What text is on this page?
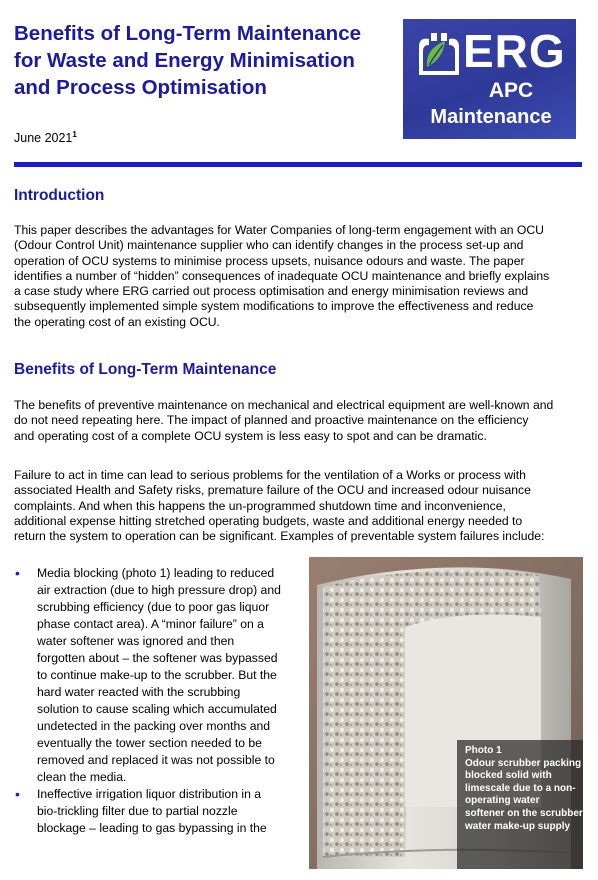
Benefits of Long-Term Maintenance
for Waste and Energy Minimisation
and Process Optimisation
June 2021$^1$
ERG
APC
Maintenance
Introduction

This paper describes the advantages for Water Companies of long-term engagement with an OCU
(Odour Control Unit) maintenance supplier who can identify changes in the process set-up and
operation of OCU systems to minimise process upsets, nuisance odours and waste. The paper
identifies a number of “hidden” consequences of inadequate OCU maintenance and briefly explains
a case study where ERG carried out process optimisation and energy minimisation reviews and
subsequently implemented simple system modifications to improve the effectiveness and reduce
the operating cost of an existing OCU.

Benefits of Long-Term Maintenance

The benefits of preventive maintenance on mechanical and electrical equipment are well-known and
do not need repeating here. The impact of planned and proactive maintenance on the efficiency
and operating cost of a complete OCU system is less easy to spot and can be dramatic.

Failure to act in time can lead to serious problems for the ventilation of a Works or process with
associated Health and Safety risks, premature failure of the OCU and increased odour nuisance
complaints. And when this happens the un-programmed shutdown time and inconvenience,
additional expense hitting stretched operating budgets, waste and additional energy needed to
return the system to operation can be significant. Examples of preventable system failures include:

• Media blocking (photo 1) leading to reduced
air extraction (due to high pressure drop) and
scrubbing efficiency (due to poor gas liquor
phase contact area). A “minor failure” on a
water softener was ignored and then
forgotten about – the softener was bypassed
to continue make-up to the scrubber. But the
hard water reacted with the scrubbing
solution to cause scaling which accumulated
undetected in the packing over months and
eventually the tower section needed to be
removed and replaced it was not possible to
clean the media.
• Ineffective irrigation liquor distribution in a
bio-trickling filter due to partial nozzle
blockage – leading to gas bypassing in the
Photo 1
Odour scrubber packing
blocked solid with
limescale due to a non-
operating water
softener on the scrubber
water make-up supply
